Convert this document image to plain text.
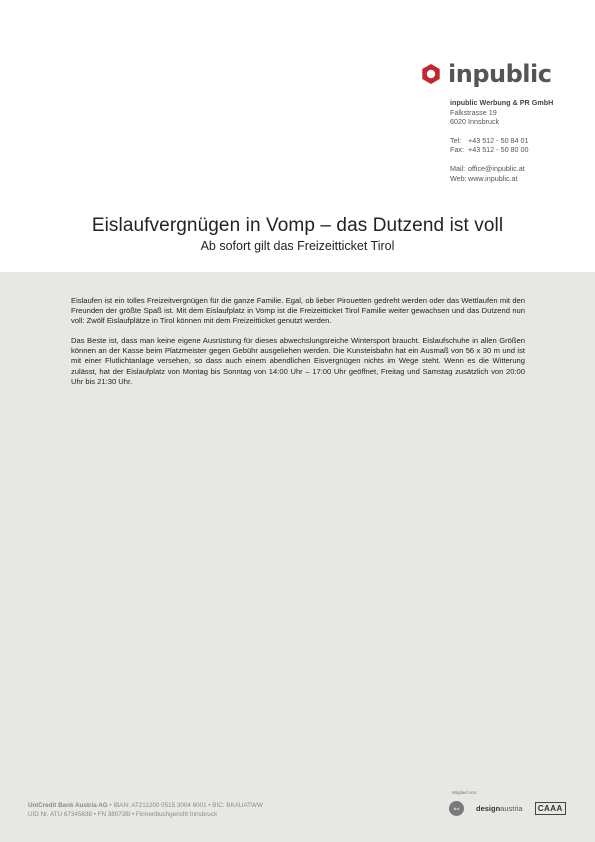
inpublic
inpublic Werbung & PR GmbH
Falkstrasse 19
6020 Innsbruck
Tel: +43 512 - 50 84 01
Fax: +43 512 - 50 80 00
Mail: office@inpublic.at
Web: www.inpublic.at
Eislaufvergnügen in Vomp – das Dutzend ist voll
Ab sofort gilt das Freizeitticket Tirol

Eislaufen ist ein tolles Freizeitvergnügen für die ganze Familie. Egal, ob lieber Pirouetten gedreht werden oder das Wettlaufen mit den Freunden der größte Spaß ist. Mit dem Eislaufplatz in Vomp ist die Freizeitticket Tirol Familie weiter gewachsen und das Dutzend nun voll: Zwölf Eislaufplätze in Tirol können mit dem Freizeitticket genutzt werden.

Das Beste ist, dass man keine eigene Ausrüstung für dieses abwechslungsreiche Wintersport braucht. Eislaufschuhe in allen Größen können an der Kasse beim Platzmeister gegen Gebühr ausgeliehen werden. Die Kunsteisbahn hat ein Ausmaß von 56 x 30 m und ist mit einer Flutlichtanlage versehen, so dass auch einem abendlichen Eisvergnügen nichts im Wege steht. Wenn es die Witterung zulässt, hat der Eislaufplatz von Montag bis Sonntag von 14:00 Uhr – 17:00 Uhr geöffnet, Freitag und Samstag zusätzlich von 20:00 Uhr bis 21:30 Uhr.

UniCredit Bank Austria AG • IBAN: AT211200 0515 3004 6001 • BIC: BKAUATWW
UID Nr. ATU 67345838 • FN 380738i • Firmenbuchgericht Innsbruck
Mitglied von
tirol designaustria	CAAA
